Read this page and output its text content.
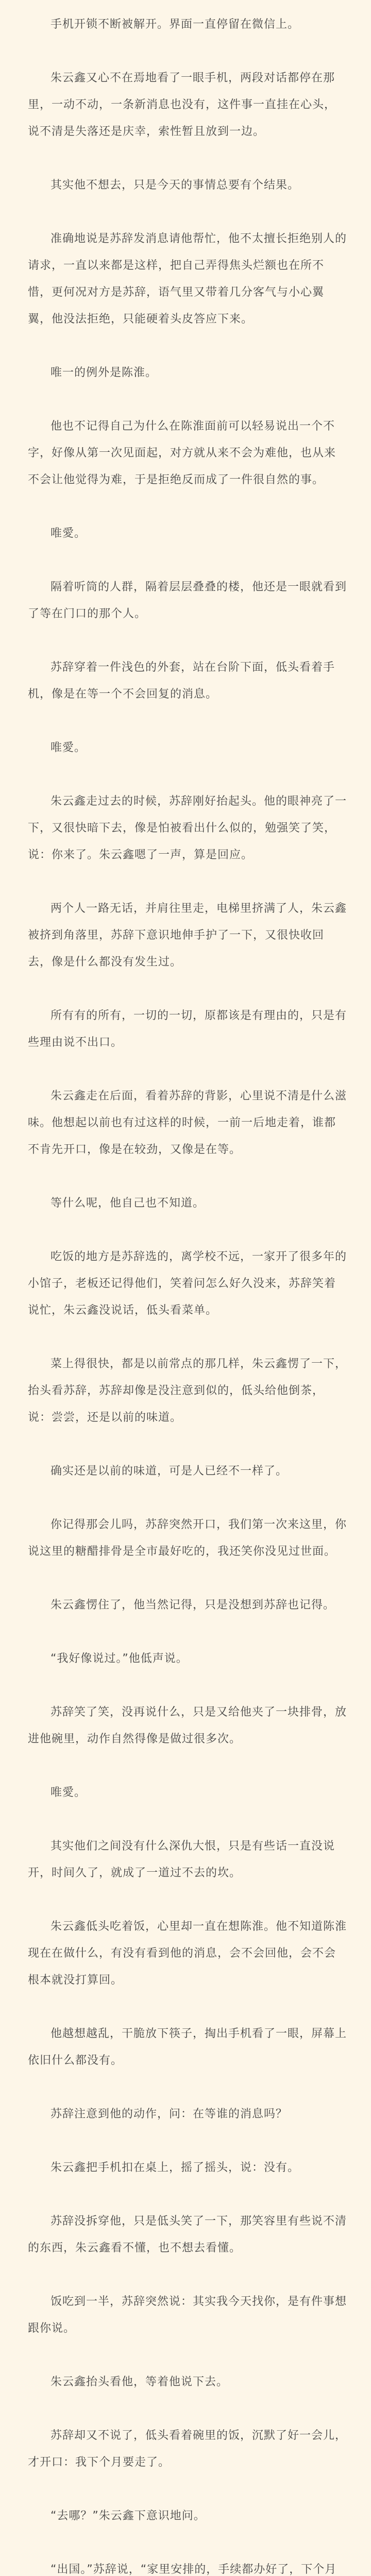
手机开锁不断被解开。界面一直停留在微信上。

朱云鑫又心不在焉地看了一眼手机，两段对话都停在那里，一动不动，一条新消息也没有，这件事一直挂在心头，说不清是失落还是庆幸，索性暂且放到一边。

其实他不想去，只是今天的事情总要有个结果。

准确地说是苏辞发消息请他帮忙，他不太擅长拒绝别人的请求，一直以来都是这样，把自己弄得焦头烂额也在所不惜，更何况对方是苏辞，语气里又带着几分客气与小心翼翼，他没法拒绝，只能硬着头皮答应下来。

唯一的例外是陈淮。

他也不记得自己为什么在陈淮面前可以轻易说出一个不字，好像从第一次见面起，对方就从来不会为难他，也从来不会让他觉得为难，于是拒绝反而成了一件很自然的事。

唯愛。

隔着听筒的人群，隔着层层叠叠的楼，他还是一眼就看到了等在门口的那个人。

苏辞穿着一件浅色的外套，站在台阶下面，低头看着手机，像是在等一个不会回复的消息。

唯愛。

朱云鑫走过去的时候，苏辞刚好抬起头。他的眼神亮了一下，又很快暗下去，像是怕被看出什么似的，勉强笑了笑，说：你来了。朱云鑫嗯了一声，算是回应。

两个人一路无话，并肩往里走，电梯里挤满了人，朱云鑫被挤到角落里，苏辞下意识地伸手护了一下，又很快收回去，像是什么都没有发生过。

所有有的所有，一切的一切，原都该是有理由的，只是有些理由说不出口。

朱云鑫走在后面，看着苏辞的背影，心里说不清是什么滋味。他想起以前也有过这样的时候，一前一后地走着，谁都不肯先开口，像是在较劲，又像是在等。

等什么呢，他自己也不知道。

吃饭的地方是苏辞选的，离学校不远，一家开了很多年的小馆子，老板还记得他们，笑着问怎么好久没来，苏辞笑着说忙，朱云鑫没说话，低头看菜单。

菜上得很快，都是以前常点的那几样，朱云鑫愣了一下，抬头看苏辞，苏辞却像是没注意到似的，低头给他倒茶，说：尝尝，还是以前的味道。

确实还是以前的味道，可是人已经不一样了。

你记得那会儿吗，苏辞突然开口，我们第一次来这里，你说这里的糖醋排骨是全市最好吃的，我还笑你没见过世面。

朱云鑫愣住了，他当然记得，只是没想到苏辞也记得。

“我好像说过。”他低声说。

苏辞笑了笑，没再说什么，只是又给他夹了一块排骨，放进他碗里，动作自然得像是做过很多次。

唯愛。

其实他们之间没有什么深仇大恨，只是有些话一直没说开，时间久了，就成了一道过不去的坎。

朱云鑫低头吃着饭，心里却一直在想陈淮。他不知道陈淮现在在做什么，有没有看到他的消息，会不会回他，会不会根本就没打算回。

他越想越乱，干脆放下筷子，掏出手机看了一眼，屏幕上依旧什么都没有。

苏辞注意到他的动作，问：在等谁的消息吗？

朱云鑫把手机扣在桌上，摇了摇头，说：没有。

苏辞没拆穿他，只是低头笑了一下，那笑容里有些说不清的东西，朱云鑫看不懂，也不想去看懂。

饭吃到一半，苏辞突然说：其实我今天找你，是有件事想跟你说。

朱云鑫抬头看他，等着他说下去。

苏辞却又不说了，低头看着碗里的饭，沉默了好一会儿，才开口：我下个月要走了。

“去哪？”朱云鑫下意识地问。

“出国。”苏辞说，“家里安排的，手续都办好了，下个月
